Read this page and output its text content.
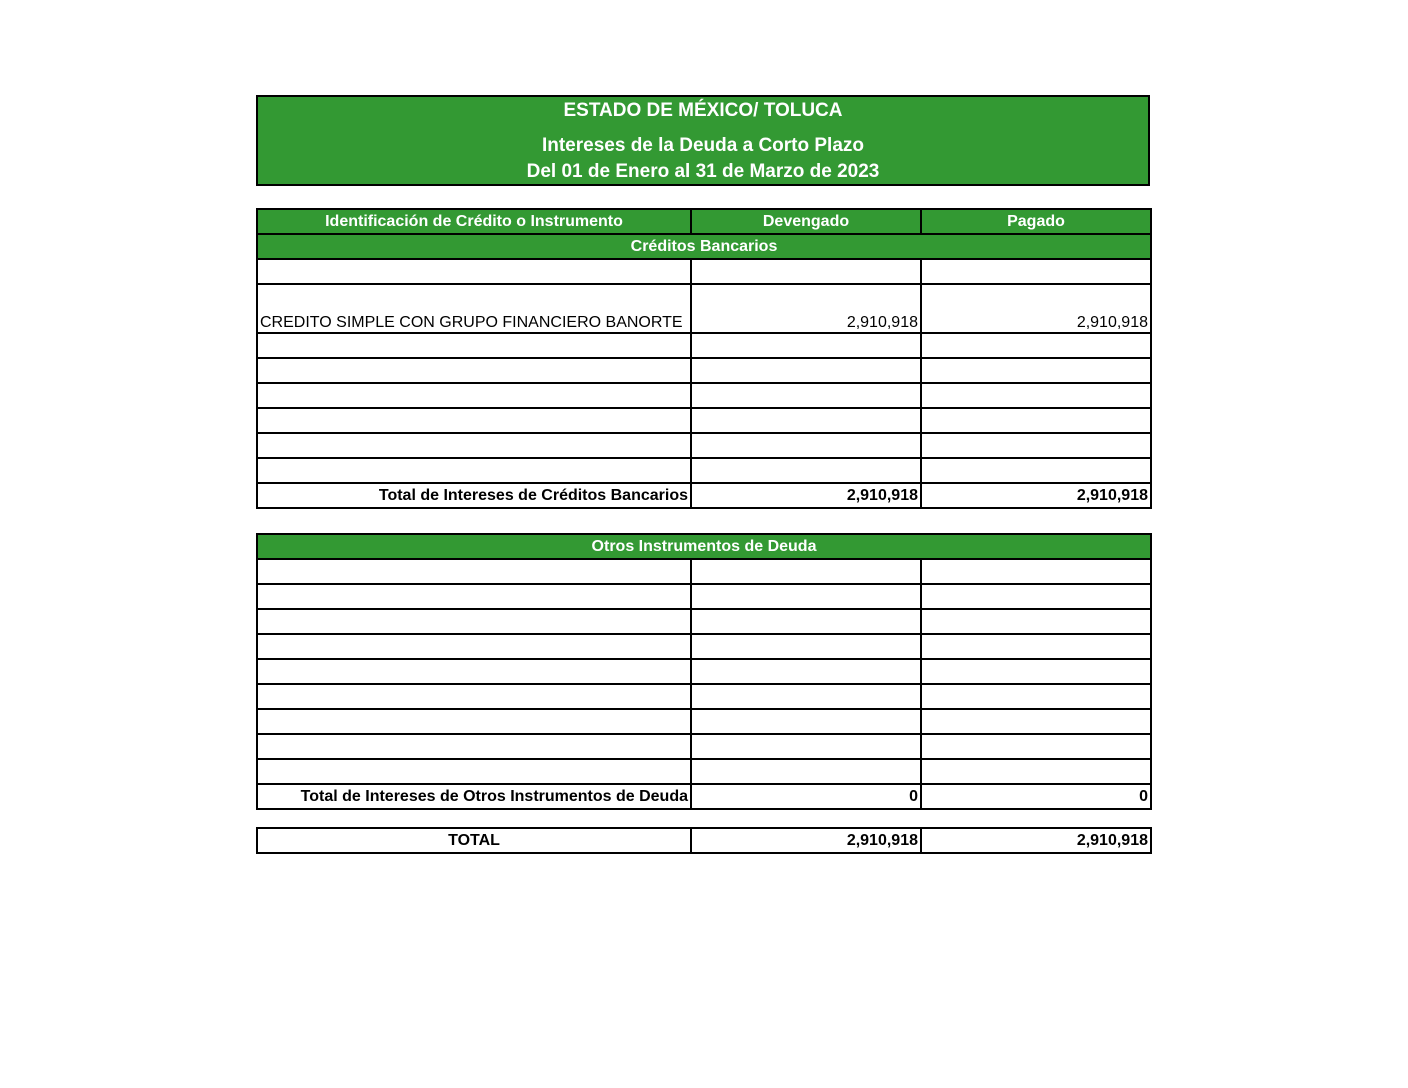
ESTADO DE MÉXICO/ TOLUCA
Intereses de la Deuda a Corto Plazo
Del 01 de Enero al 31 de Marzo de 2023
Identificación de Crédito o Instrumento	Devengado	Pagado
Créditos Bancarios		

CREDITO SIMPLE CON GRUPO FINANCIERO BANORTE	2,910,918	2,910,918

Total de Intereses de Créditos Bancarios	2,910,918	2,910,918
Otros Instrumentos de Deuda		

Total de Intereses de Otros Instrumentos de Deuda	0	0
TOTAL	2,910,918	2,910,918
